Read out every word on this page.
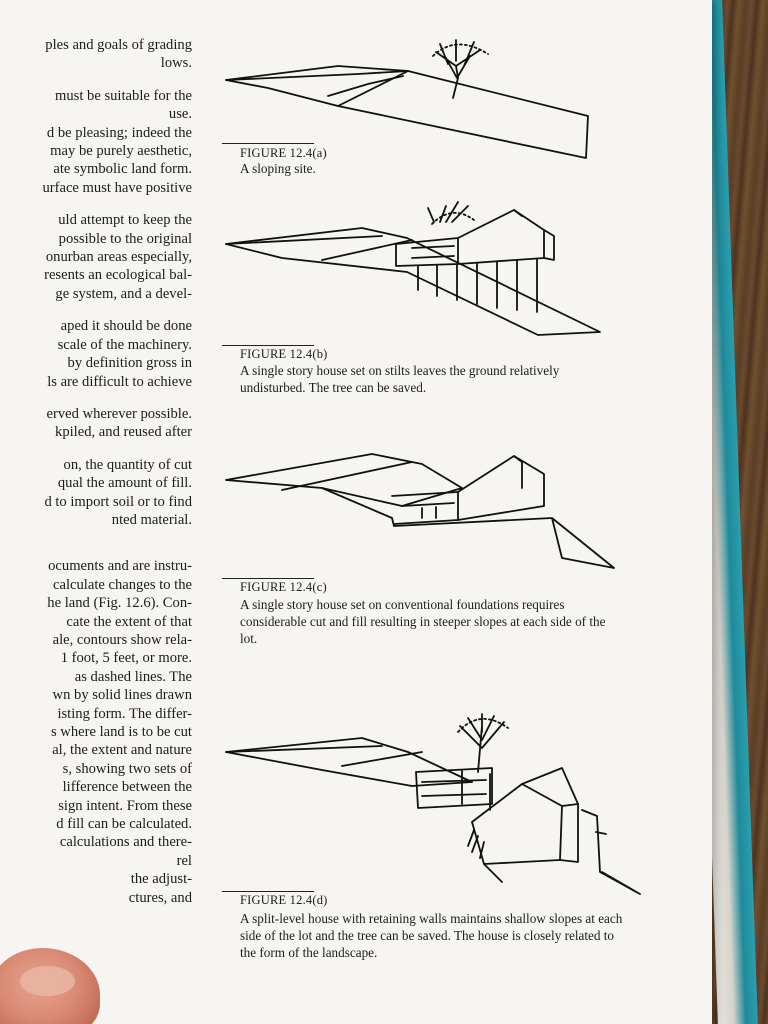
ples and goals of grading
lows.
must be suitable for the
use.
d be pleasing; indeed the
may be purely aesthetic,
ate symbolic land form.
urface must have positive
uld attempt to keep the
possible to the original
onurban areas especially,
resents an ecological bal-
ge system, and a devel-
aped it should be done
scale of the machinery.
by definition gross in
ls are difficult to achieve
erved wherever possible.
kpiled, and reused after
on, the quantity of cut
qual the amount of fill.
d to import soil or to find
nted material.
ocuments and are instru-
calculate changes to the
he land (Fig. 12.6). Con-
cate the extent of that
ale, contours show rela-
1 foot, 5 feet, or more.
as dashed lines. The
wn by solid lines drawn
isting form. The differ-
s where land is to be cut
al, the extent and nature
s, showing two sets of
lifference between the
sign intent. From these
d fill can be calculated.
calculations and there-
rel
the adjust-
ctures, and
FIGURE 12.4(a)
A sloping site.
FIGURE 12.4(b)
A single story house set on stilts leaves the ground relatively undisturbed. The tree can be saved.
FIGURE 12.4(c)
A single story house set on conventional foundations requires considerable cut and fill resulting in steeper slopes at each side of the lot.
FIGURE 12.4(d)
A split-level house with retaining walls maintains shallow slopes at each side of the lot and the tree can be saved. The house is closely related to the form of the landscape.
